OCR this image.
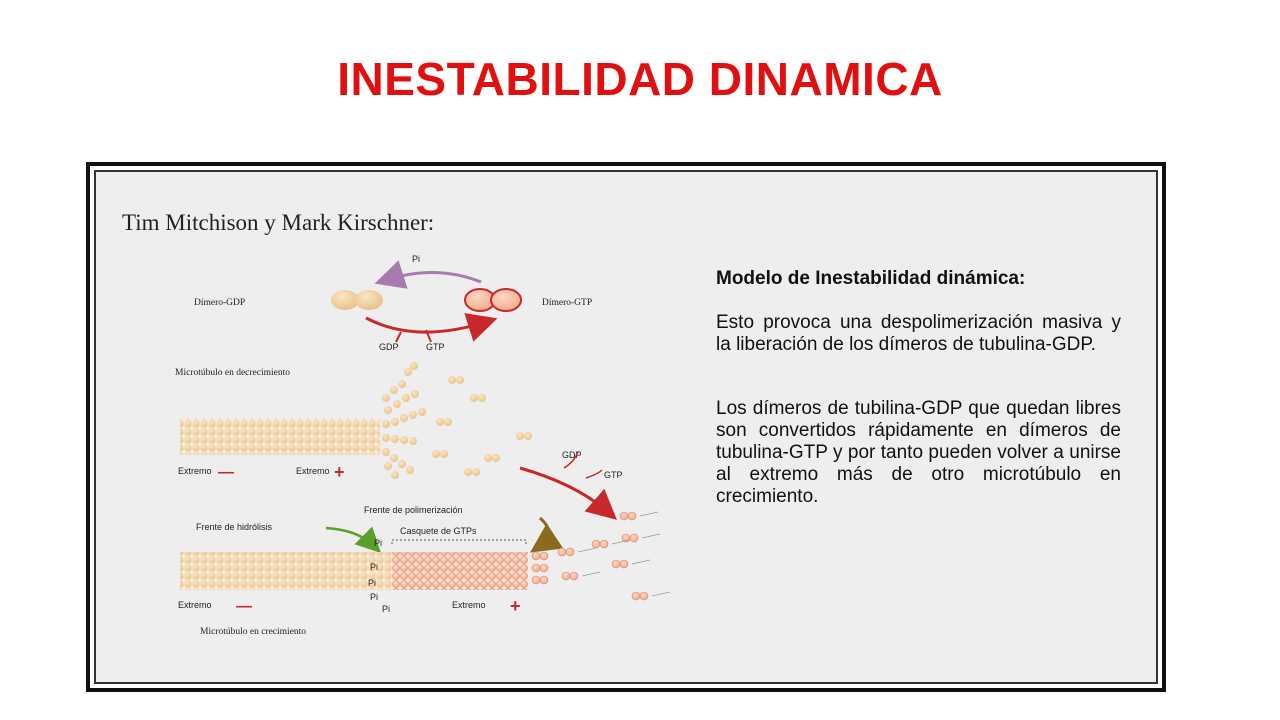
INESTABILIDAD DINAMICA
Tim Mitchison y Mark Kirschner:
Pi
Dímero-GDP	Dímero-GTP
GDP	GTP
Microtúbulo en decrecimiento
Extremo —	Extremo +
GDP
GTP
Frente de polimerización
Frente de hidrólisis	Casquete de GTPs
Pi
Pi
Pi
Pi
Pi
Extremo —	Extremo +
Microtúbulo en crecimiento

Modelo de Inestabilidad dinámica:

Esto provoca una despolimerización masiva y la liberación de los dímeros de tubulina-GDP.

Los dímeros de tubilina-GDP que quedan libres son convertidos rápidamente en dímeros de tubulina-GTP y por tanto pueden volver a unirse al extremo más de otro microtúbulo en crecimiento.
